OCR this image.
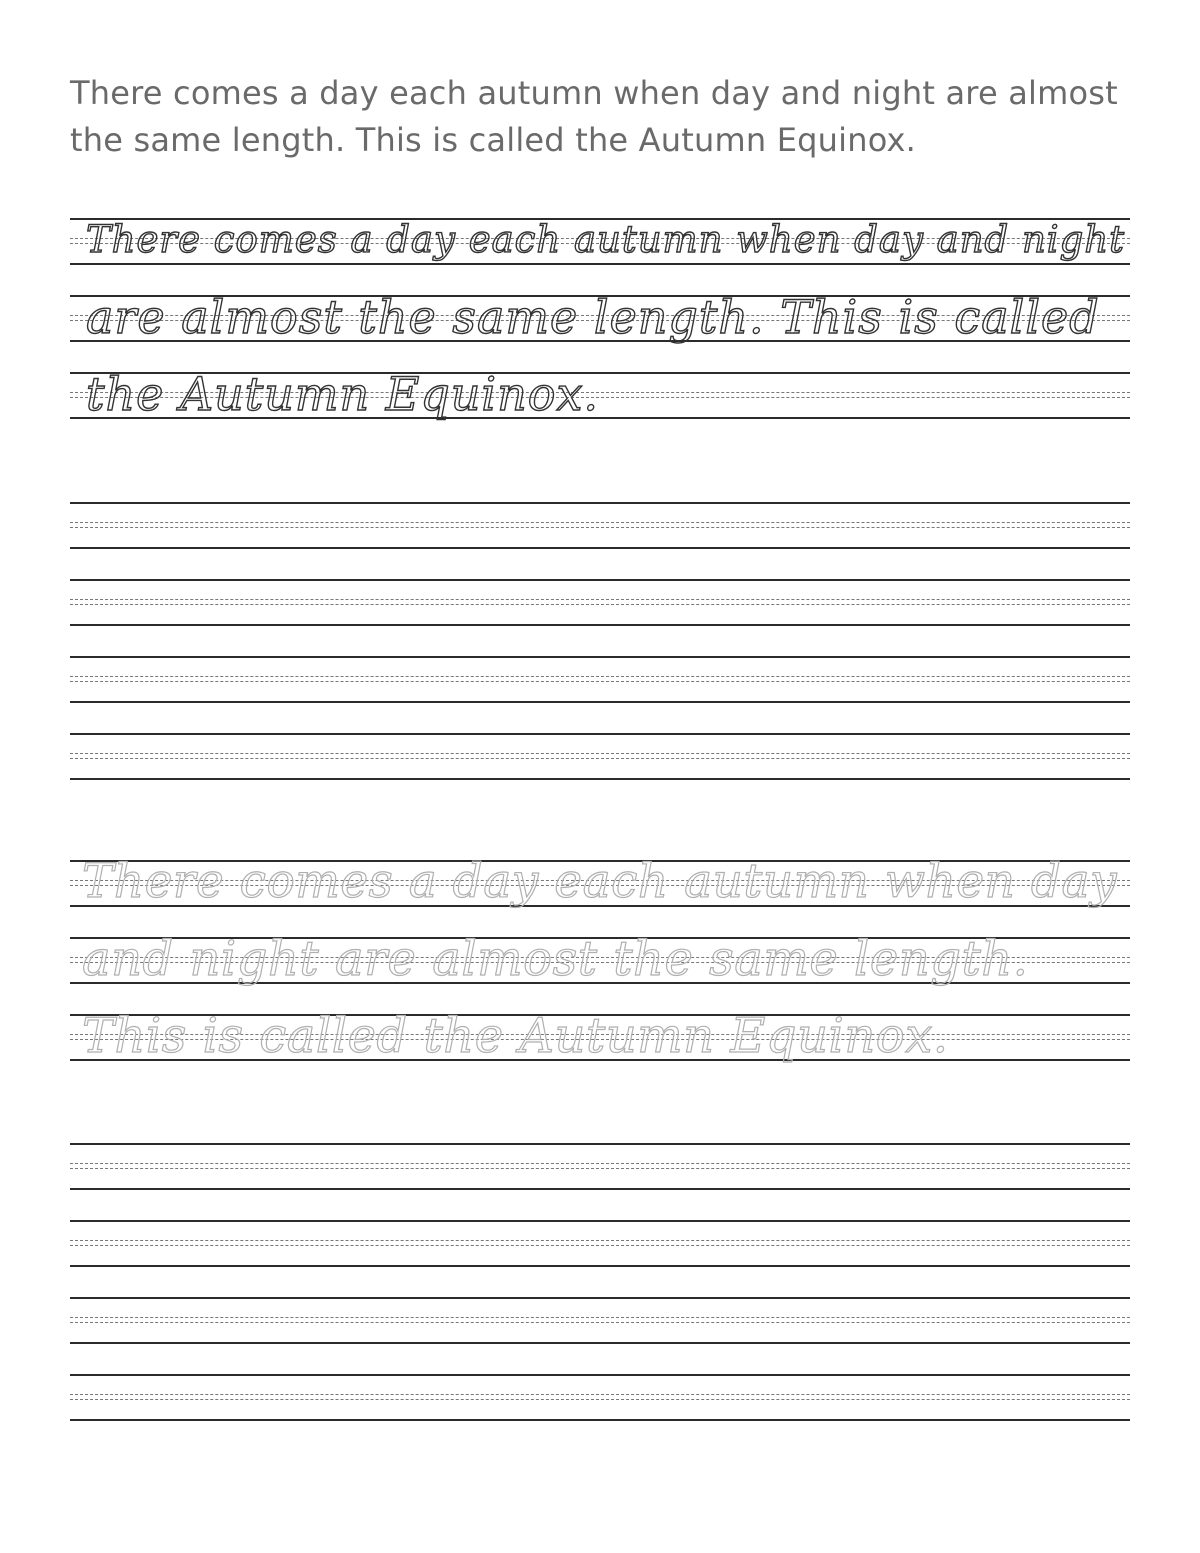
There comes a day each autumn when day and night are almost the same length. This is called the Autumn Equinox.

There comes a day each autumn when day and night
are almost the same length. This is called
the Autumn Equinox.
There comes a day each autumn when day
and night are almost the same length.
This is called the Autumn Equinox.
